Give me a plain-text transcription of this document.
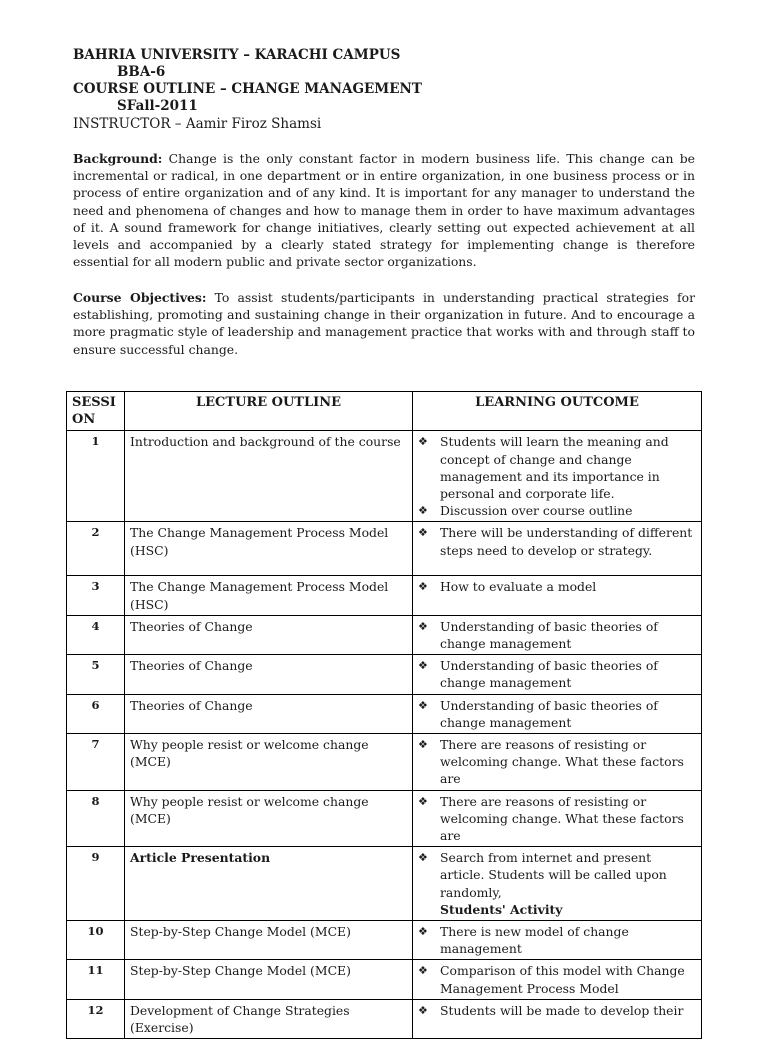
BAHRIA UNIVERSITY – KARACHI CAMPUS
BBA-6
COURSE OUTLINE – CHANGE MANAGEMENT
SFall-2011
INSTRUCTOR – Aamir Firoz Shamsi

Background: Change is the only constant factor in modern business life. This change can be incremental or radical, in one department or in entire organization, in one business process or in process of entire organization and of any kind. It is important for any manager to understand the need and phenomena of changes and how to manage them in order to have maximum advantages of it. A sound framework for change initiatives, clearly setting out expected achievement at all levels and accompanied by a clearly stated strategy for implementing change is therefore essential for all modern public and private sector organizations.

Course Objectives: To assist students/participants in understanding practical strategies for establishing, promoting and sustaining change in their organization in future. And to encourage a more pragmatic style of leadership and management practice that works with and through staff to ensure successful change.

SESSION	LECTURE OUTLINE	LEARNING OUTCOME
1	Introduction and background of the course	❖ Students will learn the meaning and concept of change and change management and its importance in personal and corporate life.
❖ Discussion over course outline

2	The Change Management Process Model (HSC)	❖ There will be understanding of different steps need to develop or strategy.

3	The Change Management Process Model (HSC)	❖ How to evaluate a model

4	Theories of Change	❖ Understanding of basic theories of change management

5	Theories of Change	❖ Understanding of basic theories of change management

6	Theories of Change	❖ Understanding of basic theories of change management

7	Why people resist or welcome change (MCE)	❖ There are reasons of resisting or welcoming change. What these factors are

8	Why people resist or welcome change (MCE)	❖ There are reasons of resisting or welcoming change. What these factors are

9	Article Presentation	❖ Search from internet and present article. Students will be called upon randomly,
Students' Activity

10	Step-by-Step Change Model (MCE)	❖ There is new model of change management

11	Step-by-Step Change Model (MCE)	❖ Comparison of this model with Change Management Process Model

12	Development of Change Strategies (Exercise)	❖ Students will be made to develop their
